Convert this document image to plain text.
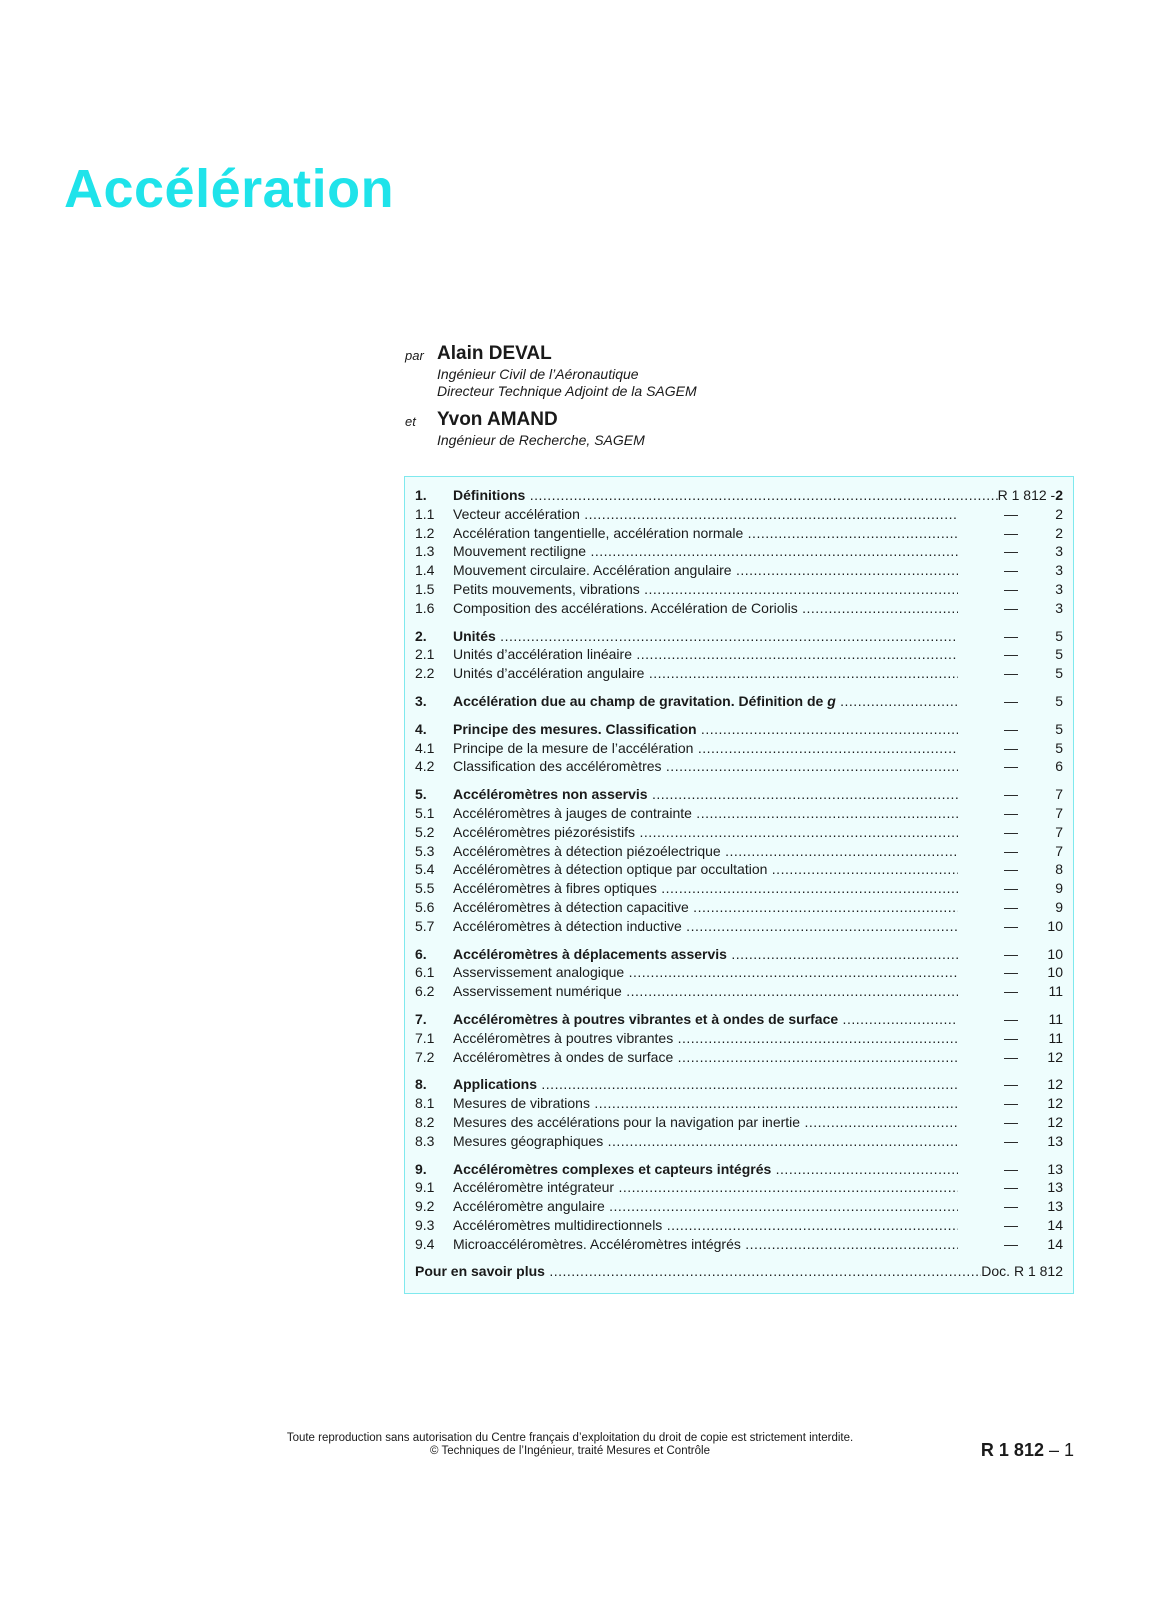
Accélération
par Alain DEVAL
Ingénieur Civil de l’Aéronautique
Directeur Technique Adjoint de la SAGEM
et Yvon AMAND
Ingénieur de Recherche, SAGEM
1.	Définitions .....	R 1 812 - 2
1.1	Vecteur accélération .....	—	2
1.2	Accélération tangentielle, accélération normale .....	—	2
1.3	Mouvement rectiligne .....	—	3
1.4	Mouvement circulaire. Accélération angulaire .....	—	3
1.5	Petits mouvements, vibrations .....	—	3
1.6	Composition des accélérations. Accélération de Coriolis .....	—	3
2.	Unités .....	—	5
2.1	Unités d’accélération linéaire .....	—	5
2.2	Unités d’accélération angulaire .....	—	5
3.	Accélération due au champ de gravitation. Définition de g .....	—	5
4.	Principe des mesures. Classification .....	—	5
4.1	Principe de la mesure de l’accélération .....	—	5
4.2	Classification des accéléromètres .....	—	6
5.	Accéléromètres non asservis .....	—	7
5.1	Accéléromètres à jauges de contrainte .....	—	7
5.2	Accéléromètres piézorésistifs .....	—	7
5.3	Accéléromètres à détection piézoélectrique .....	—	7
5.4	Accéléromètres à détection optique par occultation .....	—	8
5.5	Accéléromètres à fibres optiques .....	—	9
5.6	Accéléromètres à détection capacitive .....	—	9
5.7	Accéléromètres à détection inductive .....	—	10
6.	Accéléromètres à déplacements asservis .....	—	10
6.1	Asservissement analogique .....	—	10
6.2	Asservissement numérique .....	—	11
7.	Accéléromètres à poutres vibrantes et à ondes de surface .....	—	11
7.1	Accéléromètres à poutres vibrantes .....	—	11
7.2	Accéléromètres à ondes de surface .....	—	12
8.	Applications .....	—	12
8.1	Mesures de vibrations .....	—	12
8.2	Mesures des accélérations pour la navigation par inertie .....	—	12
8.3	Mesures géographiques .....	—	13
9.	Accéléromètres complexes et capteurs intégrés .....	—	13
9.1	Accéléromètre intégrateur .....	—	13
9.2	Accéléromètre angulaire .....	—	13
9.3	Accéléromètres multidirectionnels .....	—	14
9.4	Microaccéléromètres. Accéléromètres intégrés .....	—	14
Pour en savoir plus .....	Doc. R 1 812
Toute reproduction sans autorisation du Centre français d’exploitation du droit de copie est strictement interdite.
© Techniques de l’Ingénieur, traité Mesures et Contrôle	R 1 812 – 1
